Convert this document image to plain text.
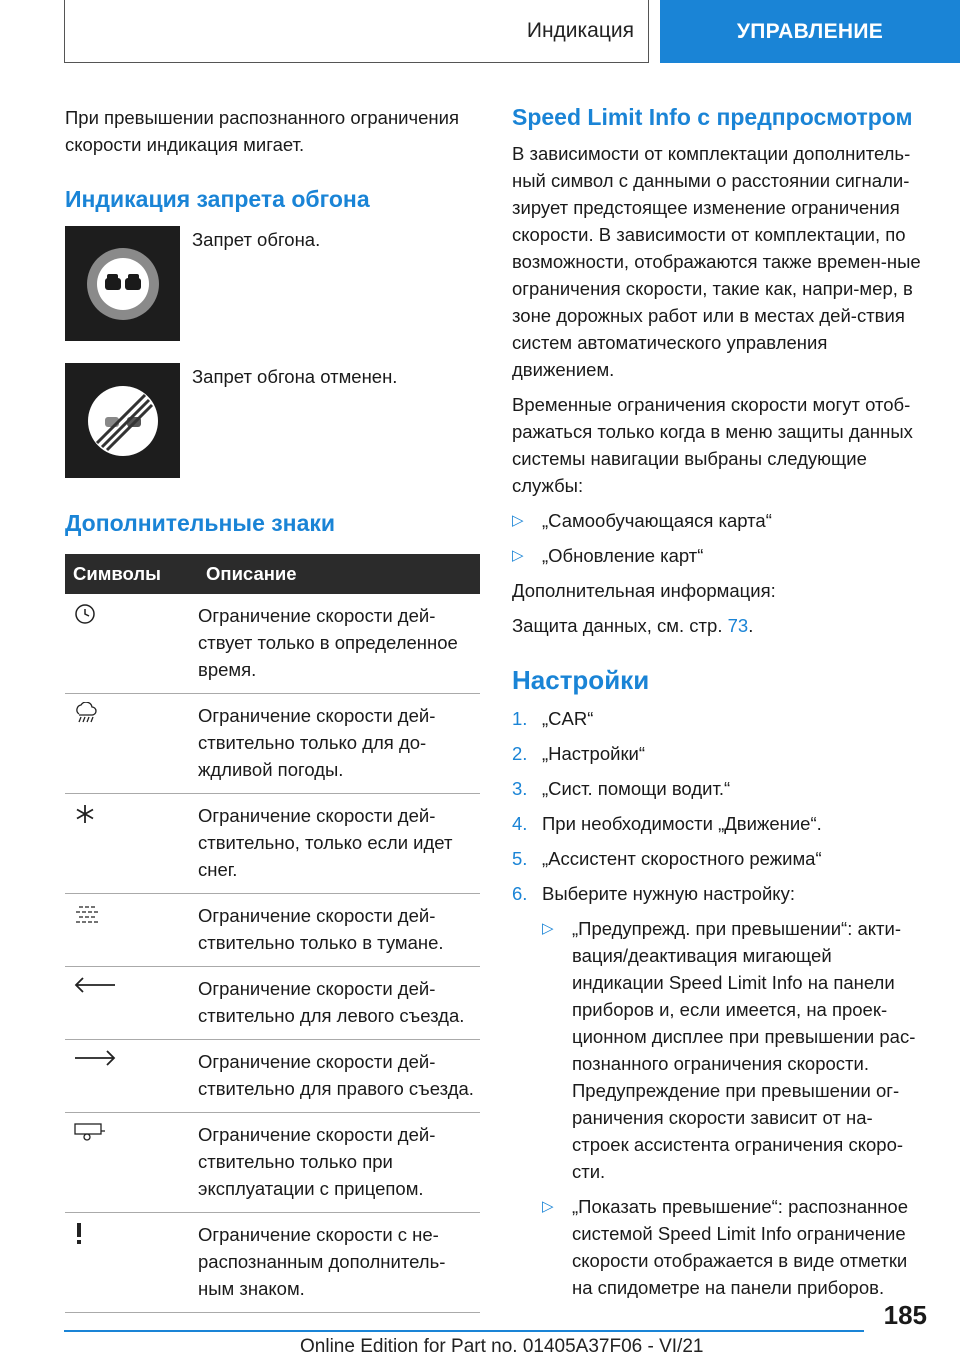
Индикация	УПРАВЛЕНИЕ

При превышении распознанного ограничения скорости индикация мигает.

Индикация запрета обгона
Запрет обгона.
Запрет обгона отменен.
Дополнительные знаки
Символы	Описание

	Ограничение скорости дей-ствует только в определенное время.

	Ограничение скорости дей-ствительно только для до-ждливой погоды.

	Ограничение скорости дей-ствительно, только если идет снег.

	Ограничение скорости дей-ствительно только в тумане.

	Ограничение скорости дей-ствительно для левого съезда.

	Ограничение скорости дей-ствительно для правого съезда.

	Ограничение скорости дей-ствительно только при эксплуатации с прицепом.

	Ограничение скорости с не-распознанным дополнитель-ным знаком.
Speed Limit Info с предпросмотром

В зависимости от комплектации дополнитель-ный символ с данными о расстоянии сигнали-зирует предстоящее изменение ограничения скорости. В зависимости от комплектации, по возможности, отображаются также времен-ные ограничения скорости, такие как, напри-мер, в зоне дорожных работ или в местах дей-ствия систем автоматического управления движением.

Временные ограничения скорости могут отоб-ражаться только когда в меню защиты данных системы навигации выбраны следующие службы:

▷ „Самообучающаяся карта“
▷ „Обновление карт“

Дополнительная информация:

Защита данных, см. стр. 73.

Настройки
1. „CAR“
2. „Настройки“
3. „Сист. помощи водит.“
4. При необходимости „Движение“.
5. „Ассистент скоростного режима“
6. Выберите нужную настройку:
▷ „Предупрежд. при превышении“: акти-вация/деактивация мигающей индикации Speed Limit Info на панели приборов и, если имеется, на проек-ционном дисплее при превышении рас-познанного ограничения скорости. Предупреждение при превышении ог-раничения скорости зависит от на-строек ассистента ограничения скоро-сти.
▷ „Показать превышение“: распознанное системой Speed Limit Info ограничение скорости отображается в виде отметки на спидометре на панели приборов.
185
Online Edition for Part no. 01405A37F06 - VI/21
